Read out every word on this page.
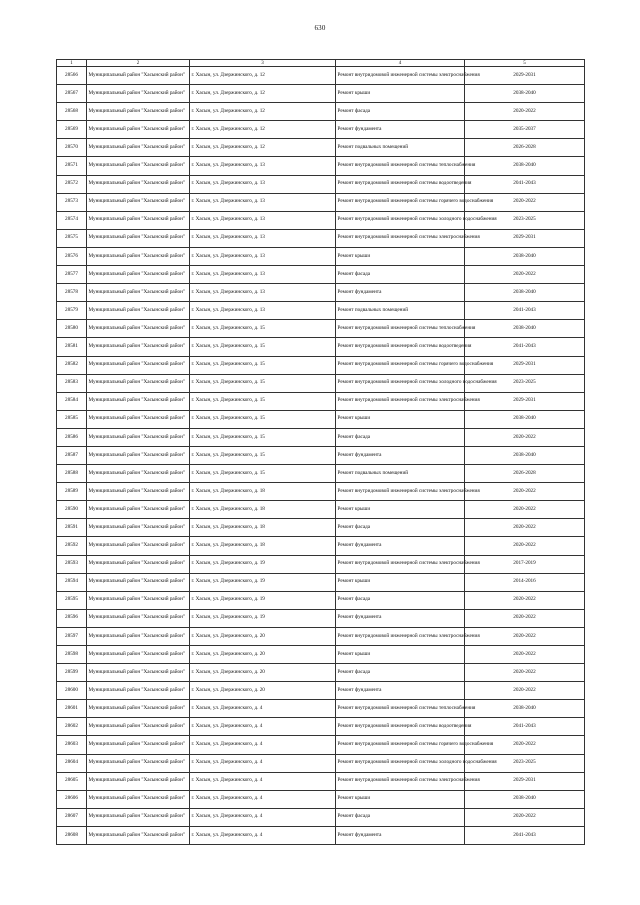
630
1	2	3	4	5
28566	Муниципальный район "Хасынский район"	г. Хасын, ул. Дзержинского, д. 12	Ремонт внутридомовой инженерной системы электроснабжения	2029-2031
28567	Муниципальный район "Хасынский район"	г. Хасын, ул. Дзержинского, д. 12	Ремонт крыши	2038-2040
28568	Муниципальный район "Хасынский район"	г. Хасын, ул. Дзержинского, д. 12	Ремонт фасада	2020-2022
28569	Муниципальный район "Хасынский район"	г. Хасын, ул. Дзержинского, д. 12	Ремонт фундамента	2035-2037
28570	Муниципальный район "Хасынский район"	г. Хасын, ул. Дзержинского, д. 12	Ремонт подвальных помещений	2026-2028
28571	Муниципальный район "Хасынский район"	г. Хасын, ул. Дзержинского, д. 13	Ремонт внутридомовой инженерной системы теплоснабжения	2038-2040
28572	Муниципальный район "Хасынский район"	г. Хасын, ул. Дзержинского, д. 13	Ремонт внутридомовой инженерной системы водоотведения	2041-2043
28573	Муниципальный район "Хасынский район"	г. Хасын, ул. Дзержинского, д. 13	Ремонт внутридомовой инженерной системы горячего водоснабжения	2020-2022
28574	Муниципальный район "Хасынский район"	г. Хасын, ул. Дзержинского, д. 13	Ремонт внутридомовой инженерной системы холодного водоснабжения	2023-2025
28575	Муниципальный район "Хасынский район"	г. Хасын, ул. Дзержинского, д. 13	Ремонт внутридомовой инженерной системы электроснабжения	2029-2031
28576	Муниципальный район "Хасынский район"	г. Хасын, ул. Дзержинского, д. 13	Ремонт крыши	2038-2040
28577	Муниципальный район "Хасынский район"	г. Хасын, ул. Дзержинского, д. 13	Ремонт фасада	2020-2022
28578	Муниципальный район "Хасынский район"	г. Хасын, ул. Дзержинского, д. 13	Ремонт фундамента	2038-2040
28579	Муниципальный район "Хасынский район"	г. Хасын, ул. Дзержинского, д. 13	Ремонт подвальных помещений	2041-2043
28580	Муниципальный район "Хасынский район"	г. Хасын, ул. Дзержинского, д. 15	Ремонт внутридомовой инженерной системы теплоснабжения	2038-2040
28581	Муниципальный район "Хасынский район"	г. Хасын, ул. Дзержинского, д. 15	Ремонт внутридомовой инженерной системы водоотведения	2041-2043
28582	Муниципальный район "Хасынский район"	г. Хасын, ул. Дзержинского, д. 15	Ремонт внутридомовой инженерной системы горячего водоснабжения	2029-2031
28583	Муниципальный район "Хасынский район"	г. Хасын, ул. Дзержинского, д. 15	Ремонт внутридомовой инженерной системы холодного водоснабжения	2023-2025
28584	Муниципальный район "Хасынский район"	г. Хасын, ул. Дзержинского, д. 15	Ремонт внутридомовой инженерной системы электроснабжения	2029-2031
28585	Муниципальный район "Хасынский район"	г. Хасын, ул. Дзержинского, д. 15	Ремонт крыши	2038-2040
28586	Муниципальный район "Хасынский район"	г. Хасын, ул. Дзержинского, д. 15	Ремонт фасада	2020-2022
28587	Муниципальный район "Хасынский район"	г. Хасын, ул. Дзержинского, д. 15	Ремонт фундамента	2038-2040
28588	Муниципальный район "Хасынский район"	г. Хасын, ул. Дзержинского, д. 15	Ремонт подвальных помещений	2026-2028
28589	Муниципальный район "Хасынский район"	г. Хасын, ул. Дзержинского, д. 18	Ремонт внутридомовой инженерной системы электроснабжения	2020-2022
28590	Муниципальный район "Хасынский район"	г. Хасын, ул. Дзержинского, д. 18	Ремонт крыши	2020-2022
28591	Муниципальный район "Хасынский район"	г. Хасын, ул. Дзержинского, д. 18	Ремонт фасада	2020-2022
28592	Муниципальный район "Хасынский район"	г. Хасын, ул. Дзержинского, д. 18	Ремонт фундамента	2020-2022
28593	Муниципальный район "Хасынский район"	г. Хасын, ул. Дзержинского, д. 19	Ремонт внутридомовой инженерной системы электроснабжения	2017-2019
28594	Муниципальный район "Хасынский район"	г. Хасын, ул. Дзержинского, д. 19	Ремонт крыши	2014-2016
28595	Муниципальный район "Хасынский район"	г. Хасын, ул. Дзержинского, д. 19	Ремонт фасада	2020-2022
28596	Муниципальный район "Хасынский район"	г. Хасын, ул. Дзержинского, д. 19	Ремонт фундамента	2020-2022
28597	Муниципальный район "Хасынский район"	г. Хасын, ул. Дзержинского, д. 20	Ремонт внутридомовой инженерной системы электроснабжения	2020-2022
28598	Муниципальный район "Хасынский район"	г. Хасын, ул. Дзержинского, д. 20	Ремонт крыши	2020-2022
28599	Муниципальный район "Хасынский район"	г. Хасын, ул. Дзержинского, д. 20	Ремонт фасада	2020-2022
28600	Муниципальный район "Хасынский район"	г. Хасын, ул. Дзержинского, д. 20	Ремонт фундамента	2020-2022
28601	Муниципальный район "Хасынский район"	г. Хасын, ул. Дзержинского, д. 4	Ремонт внутридомовой инженерной системы теплоснабжения	2038-2040
28602	Муниципальный район "Хасынский район"	г. Хасын, ул. Дзержинского, д. 4	Ремонт внутридомовой инженерной системы водоотведения	2041-2043
28603	Муниципальный район "Хасынский район"	г. Хасын, ул. Дзержинского, д. 4	Ремонт внутридомовой инженерной системы горячего водоснабжения	2020-2022
28604	Муниципальный район "Хасынский район"	г. Хасын, ул. Дзержинского, д. 4	Ремонт внутридомовой инженерной системы холодного водоснабжения	2023-2025
28605	Муниципальный район "Хасынский район"	г. Хасын, ул. Дзержинского, д. 4	Ремонт внутридомовой инженерной системы электроснабжения	2029-2031
28606	Муниципальный район "Хасынский район"	г. Хасын, ул. Дзержинского, д. 4	Ремонт крыши	2038-2040
28607	Муниципальный район "Хасынский район"	г. Хасын, ул. Дзержинского, д. 4	Ремонт фасада	2020-2022
28608	Муниципальный район "Хасынский район"	г. Хасын, ул. Дзержинского, д. 4	Ремонт фундамента	2041-2043
